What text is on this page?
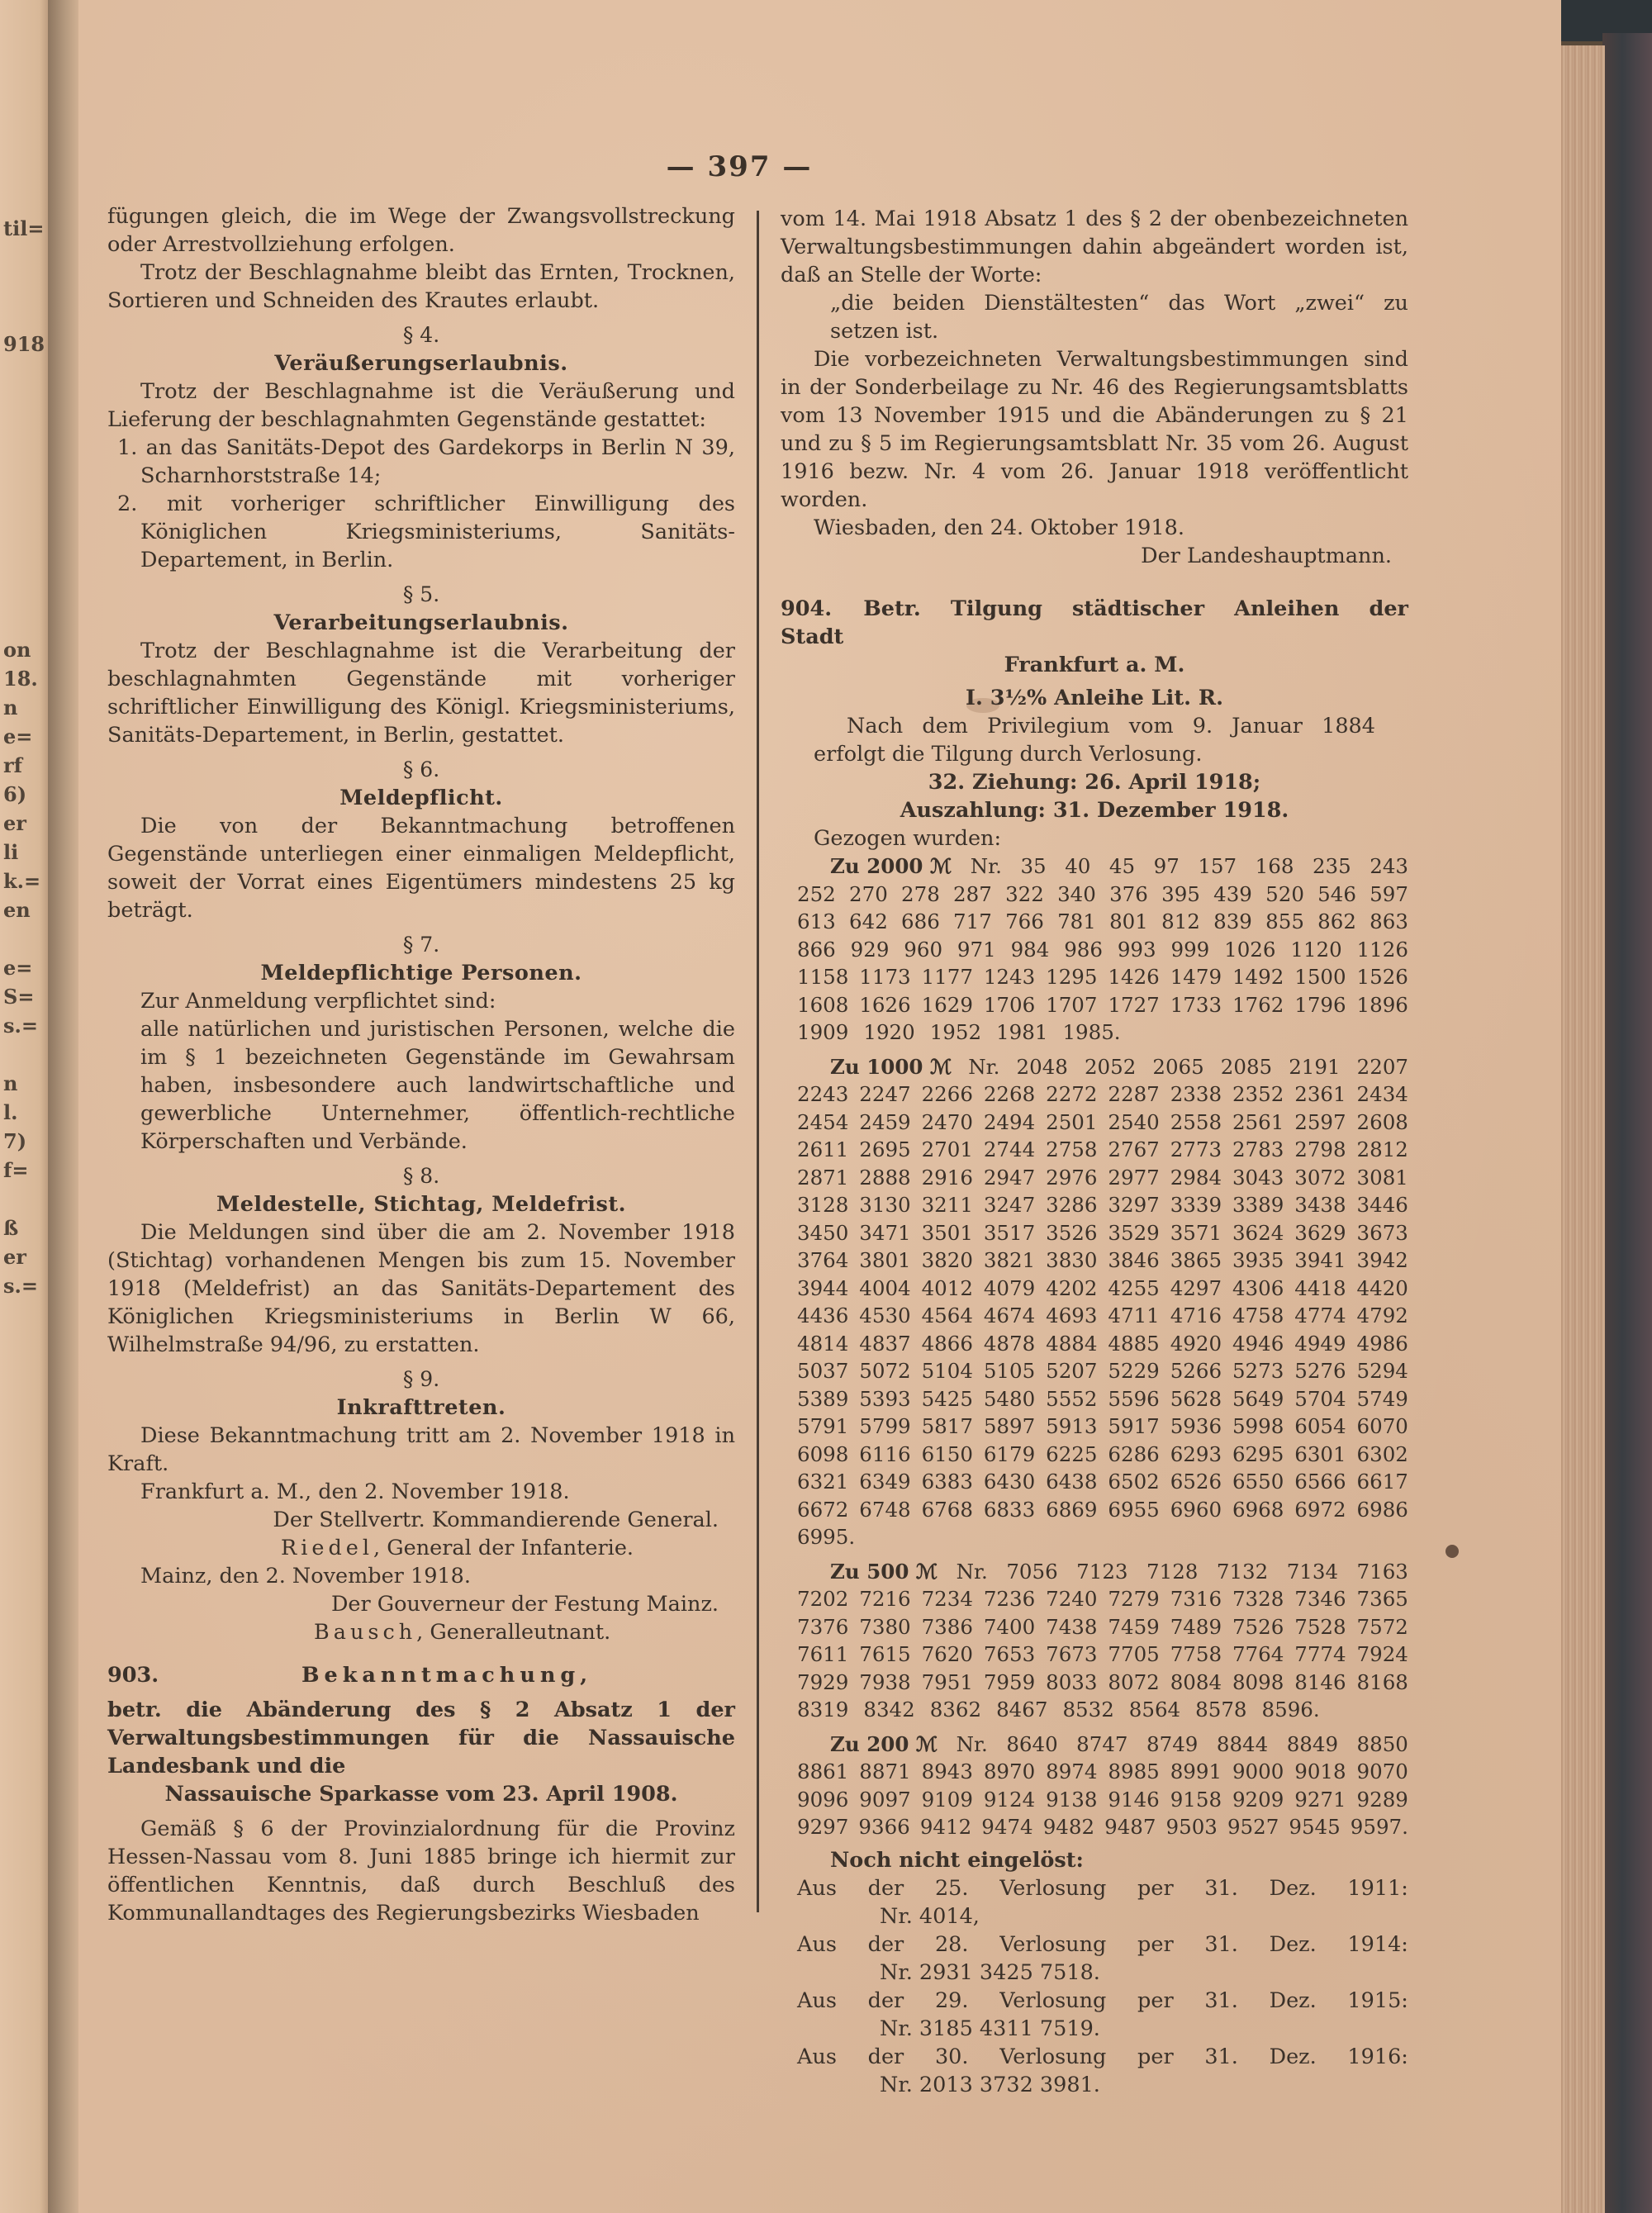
til=
918
on
18.
n
e=
rf
6)
er
li
k.=
en
e=
S=
s.=
n
l.
7)
f=
ß
er
s.=
— 397 —

fügungen gleich, die im Wege der Zwangsvollstreckung oder Arrestvollziehung erfolgen.

Trotz der Beschlagnahme bleibt das Ernten, Trocknen, Sortieren und Schneiden des Krautes erlaubt.

§ 4.

Veräußerungserlaubnis.

Trotz der Beschlagnahme ist die Veräußerung und Lieferung der beschlagnahmten Gegenstände gestattet:

1. an das Sanitäts-Depot des Gardekorps in Berlin N 39, Scharnhorststraße 14;

2. mit vorheriger schriftlicher Einwilligung des Königlichen Kriegsministeriums, Sanitäts-Departement, in Berlin.

§ 5.

Verarbeitungserlaubnis.

Trotz der Beschlagnahme ist die Verarbeitung der beschlagnahmten Gegenstände mit vorheriger schriftlicher Einwilligung des Königl. Kriegsministeriums, Sanitäts-Departement, in Berlin, gestattet.

§ 6.

Meldepflicht.

Die von der Bekanntmachung betroffenen Gegenstände unterliegen einer einmaligen Meldepflicht, soweit der Vorrat eines Eigentümers mindestens 25 kg beträgt.

§ 7.

Meldepflichtige Personen.

Zur Anmeldung verpflichtet sind:

alle natürlichen und juristischen Personen, welche die im § 1 bezeichneten Gegenstände im Gewahrsam haben, insbesondere auch landwirtschaftliche und gewerbliche Unternehmer, öffentlich-rechtliche Körperschaften und Verbände.

§ 8.

Meldestelle, Stichtag, Meldefrist.

Die Meldungen sind über die am 2. November 1918 (Stichtag) vorhandenen Mengen bis zum 15. November 1918 (Meldefrist) an das Sanitäts-Departement des Königlichen Kriegsministeriums in Berlin W 66, Wilhelmstraße 94/96, zu erstatten.

§ 9.

Inkrafttreten.

Diese Bekanntmachung tritt am 2. November 1918 in Kraft.

Frankfurt a. M., den 2. November 1918.

Der Stellvertr. Kommandierende General.

Riedel, General der Infanterie.

Mainz, den 2. November 1918.

Der Gouverneur der Festung Mainz.

Bausch, Generalleutnant.

903.	Bekanntmachung,

betr. die Abänderung des § 2 Absatz 1 der Verwaltungsbestimmungen für die Nassauische Landesbank und die

Nassauische Sparkasse vom 23. April 1908.

Gemäß § 6 der Provinzialordnung für die Provinz Hessen-Nassau vom 8. Juni 1885 bringe ich hiermit zur öffentlichen Kenntnis, daß durch Beschluß des Kommunallandtages des Regierungsbezirks Wiesbaden

vom 14. Mai 1918 Absatz 1 des § 2 der obenbezeichneten Verwaltungsbestimmungen dahin abgeändert worden ist, daß an Stelle der Worte:

„die beiden Dienstältesten“ das Wort „zwei“ zu setzen ist.

Die vorbezeichneten Verwaltungsbestimmungen sind in der Sonderbeilage zu Nr. 46 des Regierungsamtsblatts vom 13 November 1915 und die Abänderungen zu § 21 und zu § 5 im Regierungsamtsblatt Nr. 35 vom 26. August 1916 bezw. Nr. 4 vom 26. Januar 1918 veröffentlicht worden.

Wiesbaden, den 24. Oktober 1918.

Der Landeshauptmann.

904. Betr. Tilgung städtischer Anleihen der Stadt

Frankfurt a. M.

I. 3½% Anleihe Lit. R.

Nach dem Privilegium vom 9. Januar 1884 erfolgt die Tilgung durch Verlosung.

32. Ziehung: 26. April 1918;

Auszahlung: 31. Dezember 1918.

Gezogen wurden:

Zu 2000 ℳ Nr. 35 40 45 97 157 168 235 243
252 270 278 287 322 340 376 395 439 520 546 597
613 642 686 717 766 781 801 812 839 855 862 863
866 929 960 971 984 986 993 999 1026 1120 1126
1158 1173 1177 1243 1295 1426 1479 1492 1500 1526
1608 1626 1629 1706 1707 1727 1733 1762 1796 1896
1909 1920 1952 1981 1985.
Zu 1000 ℳ Nr. 2048 2052 2065 2085 2191 2207
2243 2247 2266 2268 2272 2287 2338 2352 2361 2434
2454 2459 2470 2494 2501 2540 2558 2561 2597 2608
2611 2695 2701 2744 2758 2767 2773 2783 2798 2812
2871 2888 2916 2947 2976 2977 2984 3043 3072 3081
3128 3130 3211 3247 3286 3297 3339 3389 3438 3446
3450 3471 3501 3517 3526 3529 3571 3624 3629 3673
3764 3801 3820 3821 3830 3846 3865 3935 3941 3942
3944 4004 4012 4079 4202 4255 4297 4306 4418 4420
4436 4530 4564 4674 4693 4711 4716 4758 4774 4792
4814 4837 4866 4878 4884 4885 4920 4946 4949 4986
5037 5072 5104 5105 5207 5229 5266 5273 5276 5294
5389 5393 5425 5480 5552 5596 5628 5649 5704 5749
5791 5799 5817 5897 5913 5917 5936 5998 6054 6070
6098 6116 6150 6179 6225 6286 6293 6295 6301 6302
6321 6349 6383 6430 6438 6502 6526 6550 6566 6617
6672 6748 6768 6833 6869 6955 6960 6968 6972 6986
6995.
Zu 500 ℳ Nr. 7056 7123 7128 7132 7134 7163
7202 7216 7234 7236 7240 7279 7316 7328 7346 7365
7376 7380 7386 7400 7438 7459 7489 7526 7528 7572
7611 7615 7620 7653 7673 7705 7758 7764 7774 7924
7929 7938 7951 7959 8033 8072 8084 8098 8146 8168
8319 8342 8362 8467 8532 8564 8578 8596.
Zu 200 ℳ Nr. 8640 8747 8749 8844 8849 8850
8861 8871 8943 8970 8974 8985 8991 9000 9018 9070
9096 9097 9109 9124 9138 9146 9158 9209 9271 9289
9297 9366 9412 9474 9482 9487 9503 9527 9545 9597.

Noch nicht eingelöst:

Aus der 25. Verlosung per 31. Dez. 1911:
Nr. 4014,
Aus der 28. Verlosung per 31. Dez. 1914:
Nr. 2931 3425 7518.
Aus der 29. Verlosung per 31. Dez. 1915:
Nr. 3185 4311 7519.
Aus der 30. Verlosung per 31. Dez. 1916:
Nr. 2013 3732 3981.
